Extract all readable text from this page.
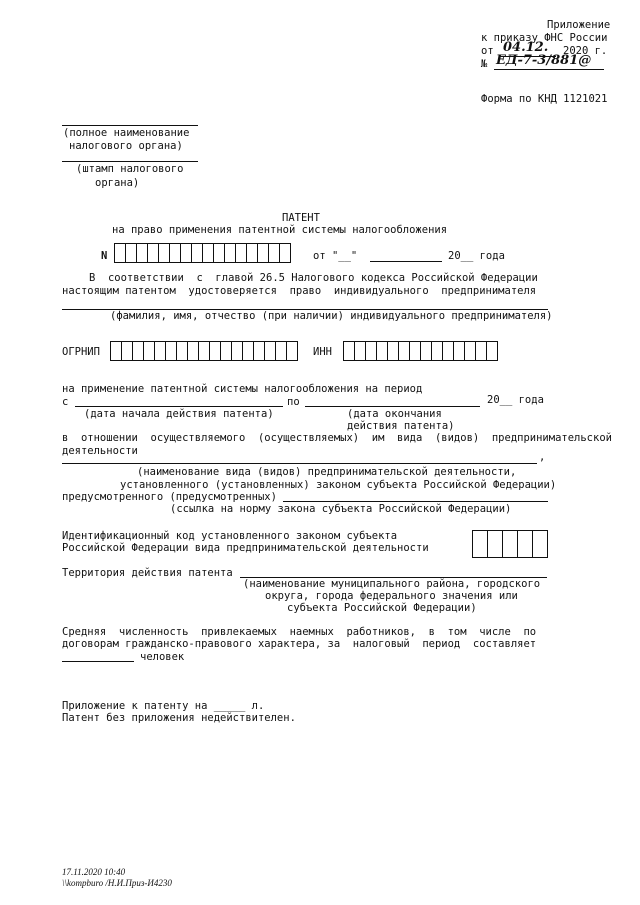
Приложение
к приказу ФНС России
от 04.12. 2020 г.
№ ЕД-7-3/881@
Форма по КНД 1121021
(полное наименование
налогового органа)
(штамп налогового
органа)
ПАТЕНТ
на право применения патентной системы налогообложения
N	от "__"	20__ года
В  соответствии  с  главой 26.5 Налогового кодекса Российской Федерации
настоящим патентом  удостоверяется  право  индивидуального  предпринимателя
(фамилия, имя, отчество (при наличии) индивидуального предпринимателя)
ОГРНИП	ИНН
на применение патентной системы налогообложения на период
с	по	20__ года
(дата начала действия патента)	(дата окончания
действия патента)
в  отношении  осуществляемого  (осуществляемых)  им  вида  (видов)  предпринимательской
деятельности	,
(наименование вида (видов) предпринимательской деятельности,
установленного (установленных) законом субъекта Российской Федерации)
предусмотренного (предусмотренных)
(ссылка на норму закона субъекта Российской Федерации)
Идентификационный код установленного законом субъекта
Российской Федерации вида предпринимательской деятельности
Территория действия патента
(наименование муниципального района, городского
округа, города федерального значения или
субъекта Российской Федерации)
Средняя  численность  привлекаемых  наемных  работников,  в  том  числе  по
договорам гражданско-правового характера, за  налоговый  период  составляет
человек
Приложение к патенту на _____ л.
Патент без приложения недействителен.
17.11.2020 10:40
\\kompburo /Н.И.Приз-И4230
